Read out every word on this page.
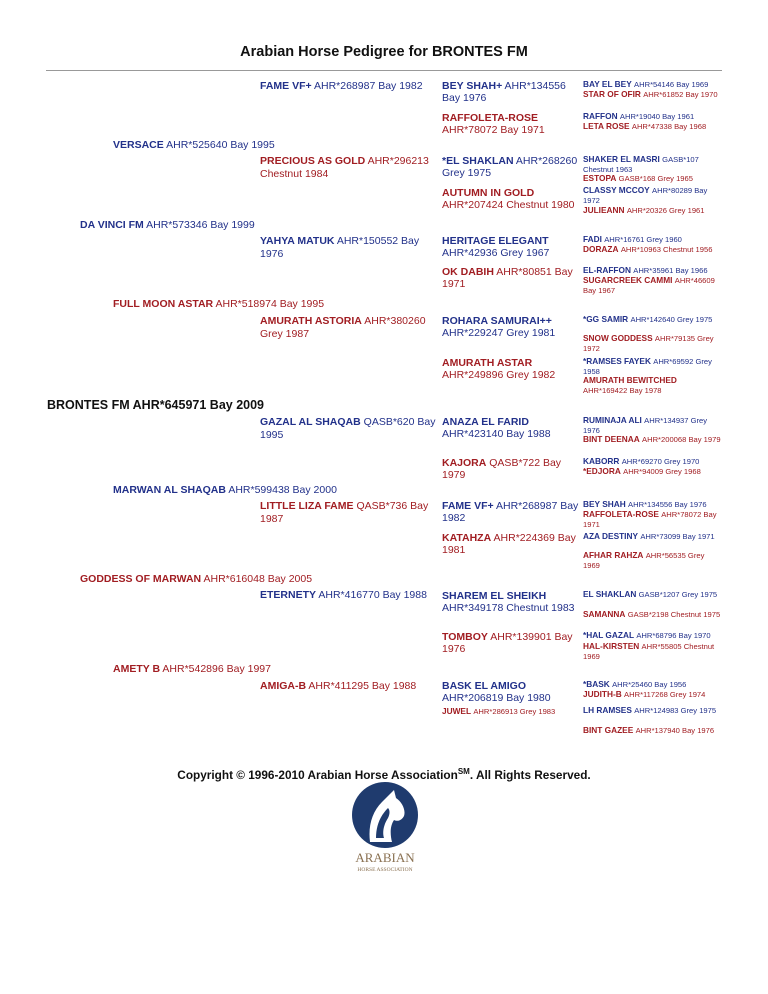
Arabian Horse Pedigree for BRONTES FM
BAY EL BEY AHR*54146 Bay 1969
STAR OF OFIR AHR*61852 Bay 1970
RAFFON AHR*19040 Bay 1961
LETA ROSE AHR*47338 Bay 1968
SHAKER EL MASRI GASB*107 Chestnut 1963
ESTOPA GASB*168 Grey 1965
CLASSY MCCOY AHR*80289 Bay 1972
JULIEANN AHR*20326 Grey 1961
FADI AHR*16761 Grey 1960
DORAZA AHR*10963 Chestnut 1956
EL-RAFFON AHR*35961 Bay 1966
SUGARCREEK CAMMI AHR*46609 Bay 1967
*GG SAMIR AHR*142640 Grey 1975
SNOW GODDESS AHR*79135 Grey 1972
*RAMSES FAYEK AHR*69592 Grey 1958
AMURATH BEWITCHED AHR*169422 Bay 1978
BEY SHAH+ AHR*134556 Bay 1976
RAFFOLETA-ROSE AHR*78072 Bay 1971
*EL SHAKLAN AHR*268260 Grey 1975
AUTUMN IN GOLD AHR*207424 Chestnut 1980
HERITAGE ELEGANT AHR*42936 Grey 1967
OK DABIH AHR*80851 Bay 1971
ROHARA SAMURAI++ AHR*229247 Grey 1981
AMURATH ASTAR AHR*249896 Grey 1982
FAME VF+ AHR*268987 Bay 1982
PRECIOUS AS GOLD AHR*296213 Chestnut 1984
YAHYA MATUK AHR*150552 Bay 1976
AMURATH ASTORIA AHR*380260 Grey 1987
VERSACE AHR*525640 Bay 1995
DA VINCI FM AHR*573346 Bay 1999
FULL MOON ASTAR AHR*518974 Bay 1995
BRONTES FM AHR*645971 Bay 2009
RUMINAJA ALI AHR*134937 Grey 1976
BINT DEENAA AHR*200068 Bay 1979
KABORR AHR*69270 Grey 1970
*EDJORA AHR*94009 Grey 1968
BEY SHAH AHR*134556 Bay 1976
RAFFOLETA-ROSE AHR*78072 Bay 1971
AZA DESTINY AHR*73099 Bay 1971
AFHAR RAHZA AHR*56535 Grey 1969
EL SHAKLAN GASB*1207 Grey 1975
SAMANNA GASB*2198 Chestnut 1975
*HAL GAZAL AHR*68796 Bay 1970
HAL-KIRSTEN AHR*55805 Chestnut 1969
*BASK AHR*25460 Bay 1956
JUDITH-B AHR*117268 Grey 1974
LH RAMSES AHR*124983 Grey 1975
BINT GAZEE AHR*137940 Bay 1976
ANAZA EL FARID AHR*423140 Bay 1988
KAJORA QASB*722 Bay 1979
FAME VF+ AHR*268987 Bay 1982
KATAHZA AHR*224369 Bay 1981
SHAREM EL SHEIKH AHR*349178 Chestnut 1983
TOMBOY AHR*139901 Bay 1976
BASK EL AMIGO AHR*206819 Bay 1980
JUWEL AHR*286913 Grey 1983
GAZAL AL SHAQAB QASB*620 Bay 1995
LITTLE LIZA FAME QASB*736 Bay 1987
ETERNETY AHR*416770 Bay 1988
AMIGA-B AHR*411295 Bay 1988
MARWAN AL SHAQAB AHR*599438 Bay 2000
GODDESS OF MARWAN AHR*616048 Bay 2005
AMETY B AHR*542896 Bay 1997
Copyright © 1996-2010 Arabian Horse Association℠. All Rights Reserved.
ARABIAN
HORSE ASSOCIATION
